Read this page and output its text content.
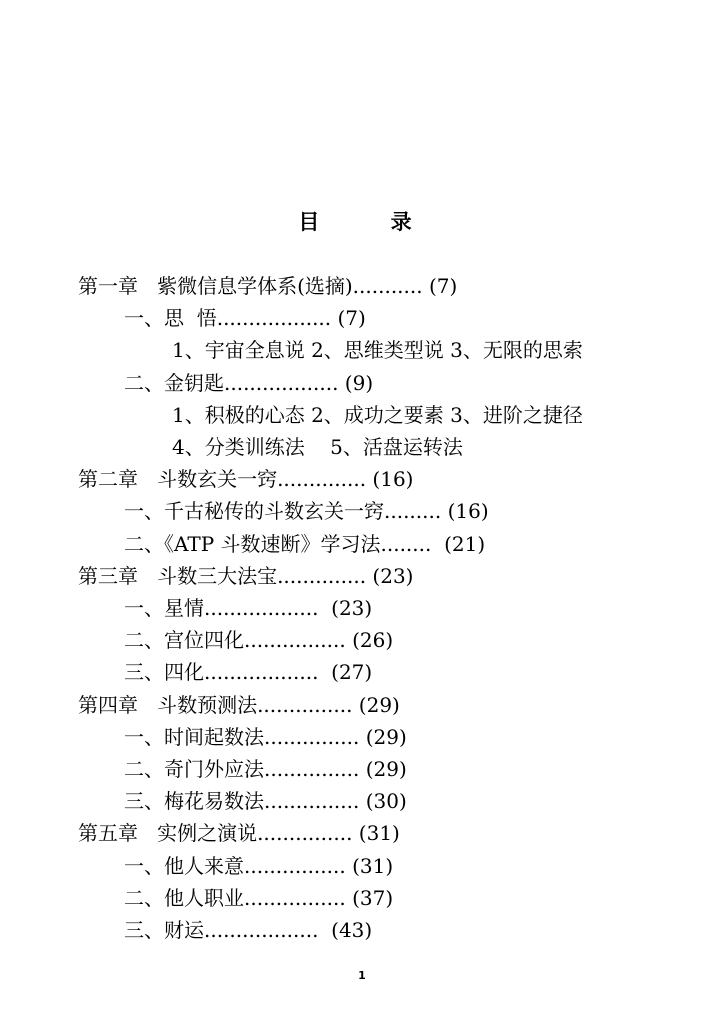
目 录
第一章   紫微信息学体系(选摘)........... (7)
一、思  悟.................. (7)
1、宇宙全息说 2、思维类型说 3、无限的思索
二、金钥匙.................. (9)
1、积极的心态 2、成功之要素 3、进阶之捷径
4、分类训练法    5、活盘运转法
第二章   斗数玄关一窍.............. (16)
一、千古秘传的斗数玄关一窍......... (16)
二、《ATP 斗数速断》学习法........  (21)
第三章   斗数三大法宝.............. (23)
一、星情..................  (23)
二、宫位四化................ (26)
三、四化..................  (27)
第四章   斗数预测法............... (29)
一、时间起数法............... (29)
二、奇门外应法............... (29)
三、梅花易数法............... (30)
第五章   实例之演说............... (31)
一、他人来意................ (31)
二、他人职业................ (37)
三、财运..................  (43)
1
